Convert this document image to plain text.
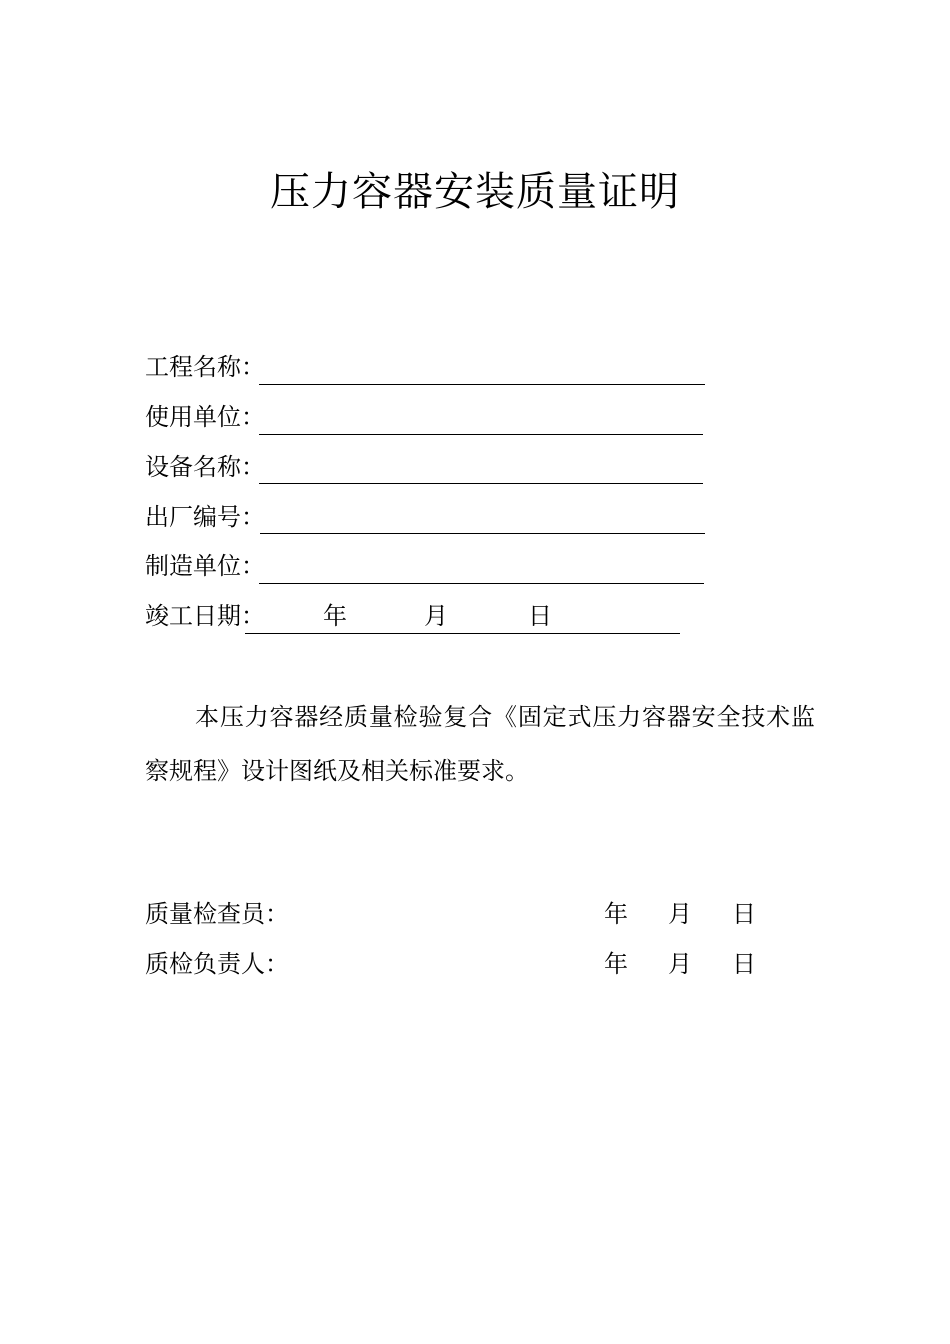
压力容器安装质量证明
工程名称：
使用单位：
设备名称：
出厂编号：
制造单位：
竣工日期： 年	月	日
本压力容器经质量检验复合《固定式压力容器安全技术监察规程》设计图纸及相关标准要求。
质量检查员：	年 月 日
质检负责人：	年 月 日
